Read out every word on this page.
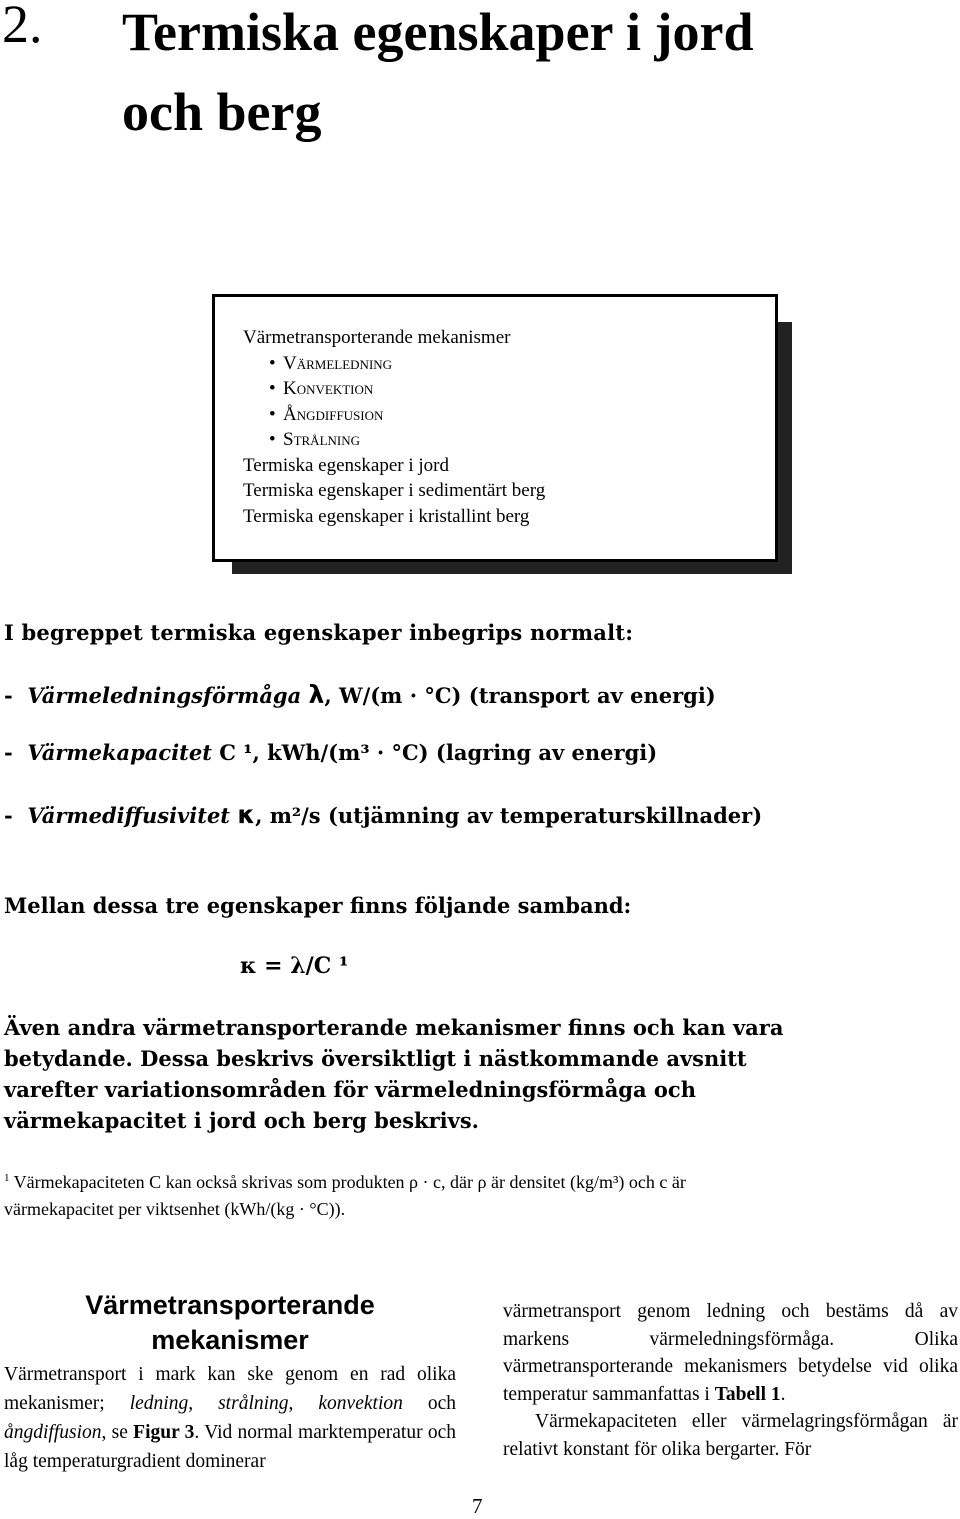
2. Termiska egenskaper i jord
och berg
Värmetransporterande mekanismer
• Värmeledning
• Konvektion
• Ångdiffusion
• Strålning
Termiska egenskaper i jord
Termiska egenskaper i sedimentärt berg
Termiska egenskaper i kristallint berg
I begreppet termiska egenskaper inbegrips normalt:
- Värmeledningsförmåga λ, W/(m · °C) (transport av energi)
- Värmekapacitet C ¹, kWh/(m³ · °C) (lagring av energi)
- Värmediffusivitet κ, m²/s (utjämning av temperaturskillnader)
Mellan dessa tre egenskaper finns följande samband:
κ = λ/C ¹
Även andra värmetransporterande mekanismer finns och kan vara betydande. Dessa beskrivs översiktligt i nästkommande avsnitt varefter variationsområden för värmeledningsförmåga och värmekapacitet i jord och berg beskrivs.
$^1$ Värmekapaciteten C kan också skrivas som produkten ρ · c, där ρ är densitet (kg/m³) och c är värmekapacitet per viktsenhet (kWh/(kg · °C)).
Värmetransporterande mekanismer
Värmetransport i mark kan ske genom en rad olika mekanismer; ledning, strålning, konvektion och ångdiffusion, se Figur 3. Vid normal marktemperatur och låg temperaturgradient dominerar

värmetransport genom ledning och bestäms då av markens värmeledningsförmåga. Olika värmetransporterande mekanismers betydelse vid olika temperatur sammanfattas i Tabell 1.

Värmekapaciteten eller värmelagringsförmågan är relativt konstant för olika bergarter. För

7
